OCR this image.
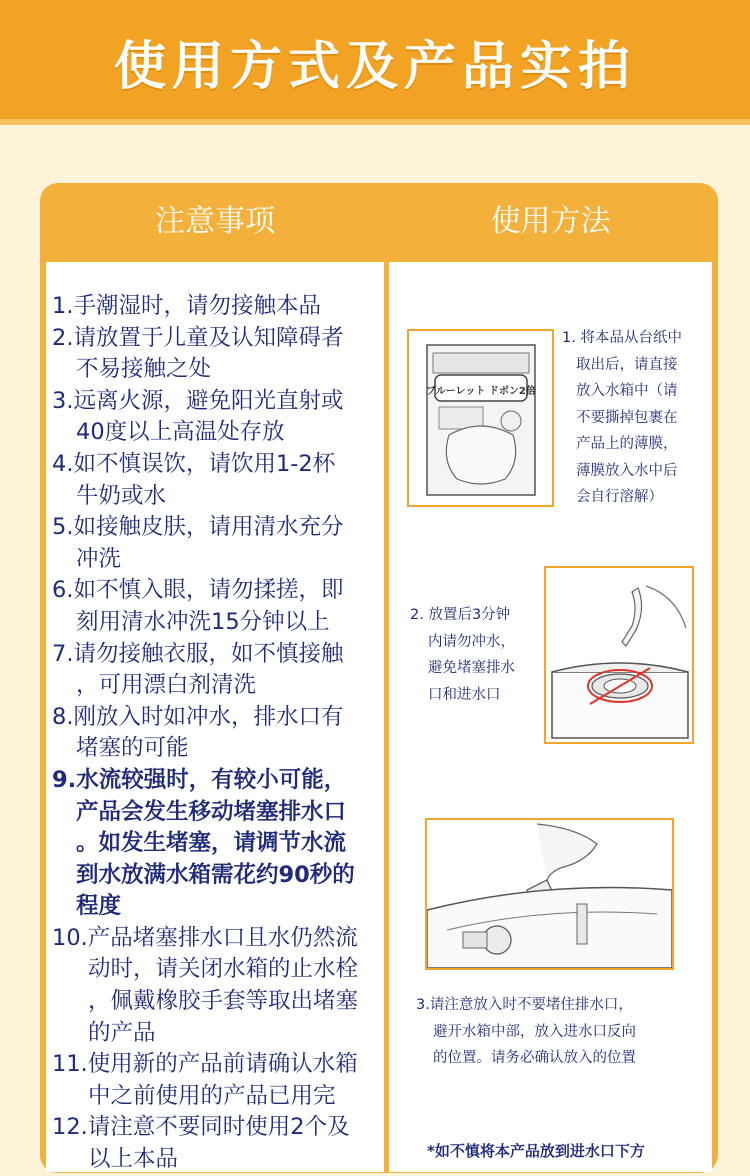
使用方式及产品实拍
注意事项	使用方法
1.手潮湿时，请勿接触本品
2.请放置于儿童及认知障碍者
不易接触之处
3.远离火源，避免阳光直射或
40度以上高温处存放
4.如不慎误饮，请饮用1-2杯
牛奶或水
5.如接触皮肤，请用清水充分
冲洗
6.如不慎入眼，请勿揉搓，即
刻用清水冲洗15分钟以上
7.请勿接触衣服，如不慎接触
，可用漂白剂清洗
8.刚放入时如冲水，排水口有
堵塞的可能
9.水流较强时，有较小可能，
产品会发生移动堵塞排水口
。如发生堵塞，请调节水流
到水放满水箱需花约90秒的
程度
10.产品堵塞排水口且水仍然流
动时，请关闭水箱的止水栓
，佩戴橡胶手套等取出堵塞
的产品
11.使用新的产品前请确认水箱
中之前使用的产品已用完
12.请注意不要同时使用2个及
以上本品
ブルーレット ドボン2倍
1. 将本品从台纸中
取出后，请直接
放入水箱中（请
不要撕掉包裹在
产品上的薄膜，
薄膜放入水中后
会自行溶解）
2. 放置后3分钟
内请勿冲水，
避免堵塞排水
口和进水口
3.请注意放入时不要堵住排水口，
避开水箱中部，放入进水口反向
的位置。请务必确认放入的位置
*如不慎将本产品放到进水口下方
